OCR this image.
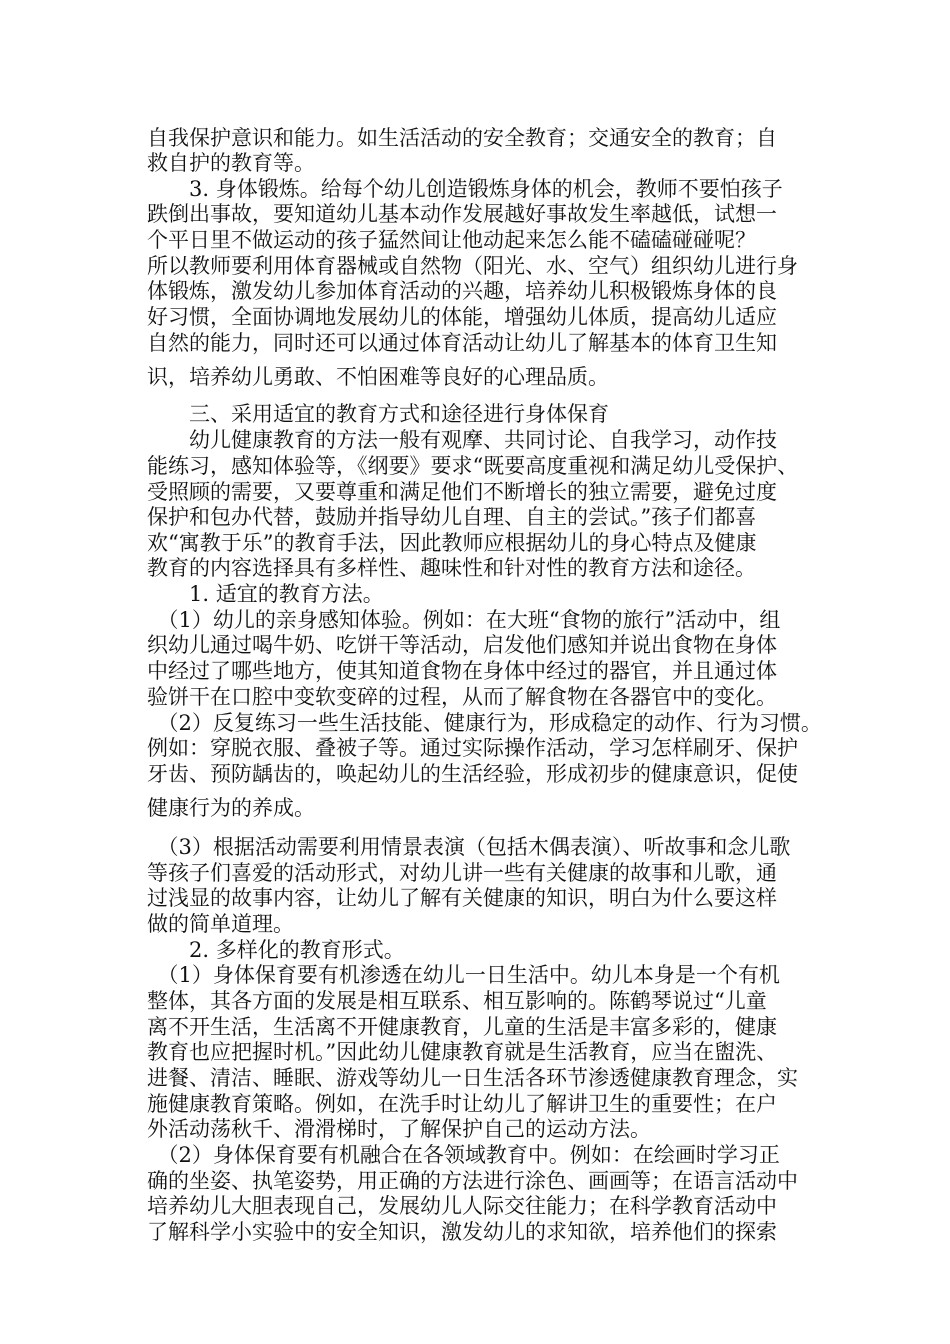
自我保护意识和能力。如生活活动的安全教育；交通安全的教育；自
救自护的教育等。
　　3. 身体锻炼。给每个幼儿创造锻炼身体的机会，教师不要怕孩子
跌倒出事故，要知道幼儿基本动作发展越好事故发生率越低，试想一
个平日里不做运动的孩子猛然间让他动起来怎么能不磕磕碰碰呢？
所以教师要利用体育器械或自然物（阳光、水、空气）组织幼儿进行身
体锻炼，激发幼儿参加体育活动的兴趣，培养幼儿积极锻炼身体的良
好习惯，全面协调地发展幼儿的体能，增强幼儿体质，提高幼儿适应
自然的能力，同时还可以通过体育活动让幼儿了解基本的体育卫生知
识，培养幼儿勇敢、不怕困难等良好的心理品质。
　　三、采用适宜的教育方式和途径进行身体保育
　　幼儿健康教育的方法一般有观摩、共同讨论、自我学习，动作技
能练习，感知体验等，《纲要》要求“既要高度重视和满足幼儿受保护、
受照顾的需要，又要尊重和满足他们不断增长的独立需要，避免过度
保护和包办代替，鼓励并指导幼儿自理、自主的尝试。”孩子们都喜
欢“寓教于乐”的教育手法，因此教师应根据幼儿的身心特点及健康
教育的内容选择具有多样性、趣味性和针对性的教育方法和途径。
　　1. 适宜的教育方法。
　（1）幼儿的亲身感知体验。例如：在大班“食物的旅行”活动中，组
织幼儿通过喝牛奶、吃饼干等活动，启发他们感知并说出食物在身体
中经过了哪些地方，使其知道食物在身体中经过的器官，并且通过体
验饼干在口腔中变软变碎的过程，从而了解食物在各器官中的变化。
　（2）反复练习一些生活技能、健康行为，形成稳定的动作、行为习惯。
例如：穿脱衣服、叠被子等。通过实际操作活动，学习怎样刷牙、保护
牙齿、预防龋齿的，唤起幼儿的生活经验，形成初步的健康意识，促使
健康行为的养成。
　（3）根据活动需要利用情景表演（包括木偶表演）、听故事和念儿歌
等孩子们喜爱的活动形式，对幼儿讲一些有关健康的故事和儿歌，通
过浅显的故事内容，让幼儿了解有关健康的知识，明白为什么要这样
做的简单道理。
　　2. 多样化的教育形式。
　（1）身体保育要有机渗透在幼儿一日生活中。幼儿本身是一个有机
整体，其各方面的发展是相互联系、相互影响的。陈鹤琴说过“儿童
离不开生活，生活离不开健康教育，儿童的生活是丰富多彩的，健康
教育也应把握时机。”因此幼儿健康教育就是生活教育，应当在盥洗、
进餐、清洁、睡眠、游戏等幼儿一日生活各环节渗透健康教育理念，实
施健康教育策略。例如，在洗手时让幼儿了解讲卫生的重要性；在户
外活动荡秋千、滑滑梯时，了解保护自己的运动方法。
　（2）身体保育要有机融合在各领域教育中。例如：在绘画时学习正
确的坐姿、执笔姿势，用正确的方法进行涂色、画画等；在语言活动中
培养幼儿大胆表现自己，发展幼儿人际交往能力；在科学教育活动中
了解科学小实验中的安全知识，激发幼儿的求知欲，培养他们的探索
